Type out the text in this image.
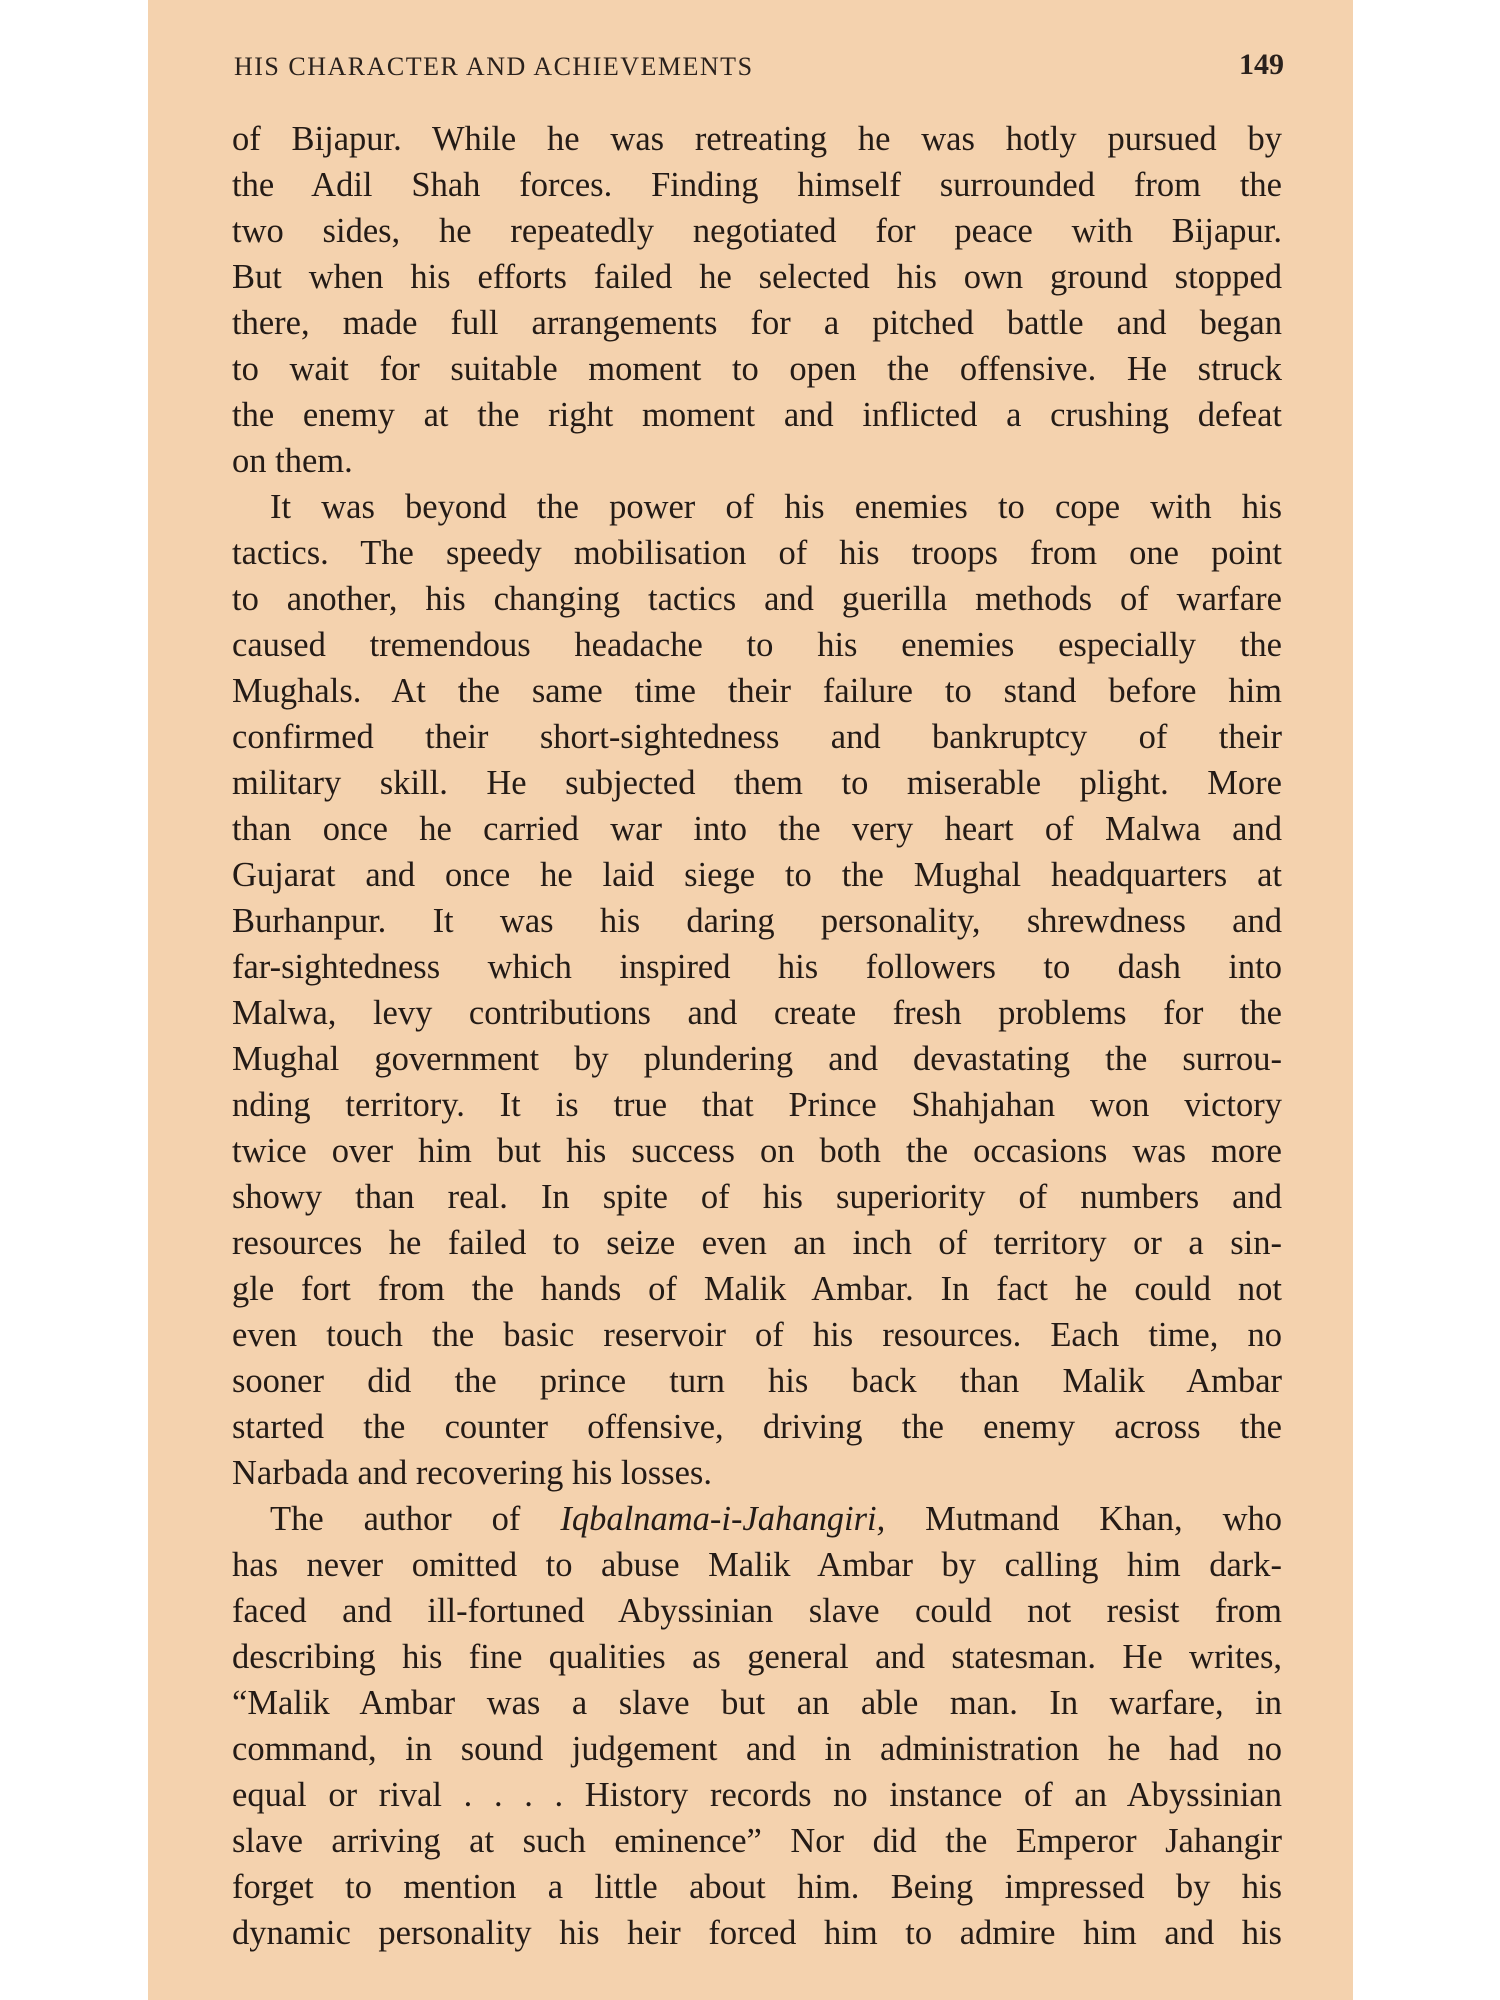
HIS CHARACTER AND ACHIEVEMENTS	149
of Bijapur. While he was retreating he was hotly pursued by
the Adil Shah forces. Finding himself surrounded from the
two sides, he repeatedly negotiated for peace with Bijapur.
But when his efforts failed he selected his own ground stopped
there, made full arrangements for a pitched battle and began
to wait for suitable moment to open the offensive. He struck
the enemy at the right moment and inflicted a crushing defeat
on them.
It was beyond the power of his enemies to cope with his
tactics. The speedy mobilisation of his troops from one point
to another, his changing tactics and guerilla methods of warfare
caused tremendous headache to his enemies especially the
Mughals. At the same time their failure to stand before him
confirmed their short-sightedness and bankruptcy of their
military skill. He subjected them to miserable plight. More
than once he carried war into the very heart of Malwa and
Gujarat and once he laid siege to the Mughal headquarters at
Burhanpur. It was his daring personality, shrewdness and
far-sightedness which inspired his followers to dash into
Malwa, levy contributions and create fresh problems for the
Mughal government by plundering and devastating the surrou-
nding territory. It is true that Prince Shahjahan won victory
twice over him but his success on both the occasions was more
showy than real. In spite of his superiority of numbers and
resources he failed to seize even an inch of territory or a sin-
gle fort from the hands of Malik Ambar. In fact he could not
even touch the basic reservoir of his resources. Each time, no
sooner did the prince turn his back than Malik Ambar
started the counter offensive, driving the enemy across the
Narbada and recovering his losses.
The author of Iqbalnama-i-Jahangiri, Mutmand Khan, who
has never omitted to abuse Malik Ambar by calling him dark-
faced and ill-fortuned Abyssinian slave could not resist from
describing his fine qualities as general and statesman. He writes,
“Malik Ambar was a slave but an able man. In warfare, in
command, in sound judgement and in administration he had no
equal or rival . . . . History records no instance of an Abyssinian
slave arriving at such eminence” Nor did the Emperor Jahangir
forget to mention a little about him. Being impressed by his
dynamic personality his heir forced him to admire him and his
